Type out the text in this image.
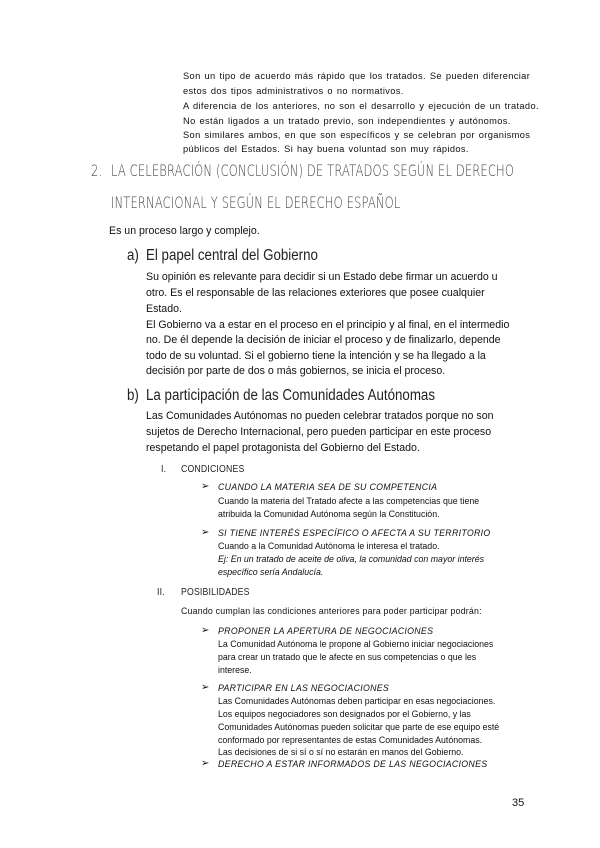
Son un tipo de acuerdo más rápido que los tratados. Se pueden diferenciar
estos dos tipos administrativos o no normativos.
A diferencia de los anteriores, no son el desarrollo y ejecución de un tratado.
No están ligados a un tratado previo, son independientes y autónomos.
Son similares ambos, en que son específicos y se celebran por organismos
públicos del Estados. Si hay buena voluntad son muy rápidos.
2. LA CELEBRACIÓN (CONCLUSIÓN) DE TRATADOS SEGÚN EL DERECHO
INTERNACIONAL Y SEGÚN EL DERECHO ESPAÑOL
Es un proceso largo y complejo.
a) El papel central del Gobierno
Su opinión es relevante para decidir si un Estado debe firmar un acuerdo u
otro. Es el responsable de las relaciones exteriores que posee cualquier
Estado.
El Gobierno va a estar en el proceso en el principio y al final, en el intermedio
no. De él depende la decisión de iniciar el proceso y de finalizarlo, depende
todo de su voluntad. Si el gobierno tiene la intención y se ha llegado a la
decisión por parte de dos o más gobiernos, se inicia el proceso.
b) La participación de las Comunidades Autónomas
Las Comunidades Autónomas no pueden celebrar tratados porque no son
sujetos de Derecho Internacional, pero pueden participar en este proceso
respetando el papel protagonista del Gobierno del Estado.
I. CONDICIONES
➢ CUANDO LA MATERIA SEA DE SU COMPETENCIA
Cuando la materia del Tratado afecte a las competencias que tiene
atribuida la Comunidad Autónoma según la Constitución.
➢ SI TIENE INTERÉS ESPECÍFICO O AFECTA A SU TERRITORIO
Cuando a la Comunidad Autónoma le interesa el tratado.
Ej: En un tratado de aceite de oliva, la comunidad con mayor interés
específico sería Andalucía.
II. POSIBILIDADES
Cuando cumplan las condiciones anteriores para poder participar podrán:
➢ PROPONER LA APERTURA DE NEGOCIACIONES
La Comunidad Autónoma le propone al Gobierno iniciar negociaciones
para crear un tratado que le afecte en sus competencias o que les
interese.
➢ PARTICIPAR EN LAS NEGOCIACIONES
Las Comunidades Autónomas deben participar en esas negociaciones.
Los equipos negociadores son designados por el Gobierno, y las
Comunidades Autónomas pueden solicitar que parte de ese equipo esté
conformado por representantes de estas Comunidades Autónomas.
Las decisiones de si sí o sí no estarán en manos del Gobierno.
➢ DERECHO A ESTAR INFORMADOS DE LAS NEGOCIACIONES
35
